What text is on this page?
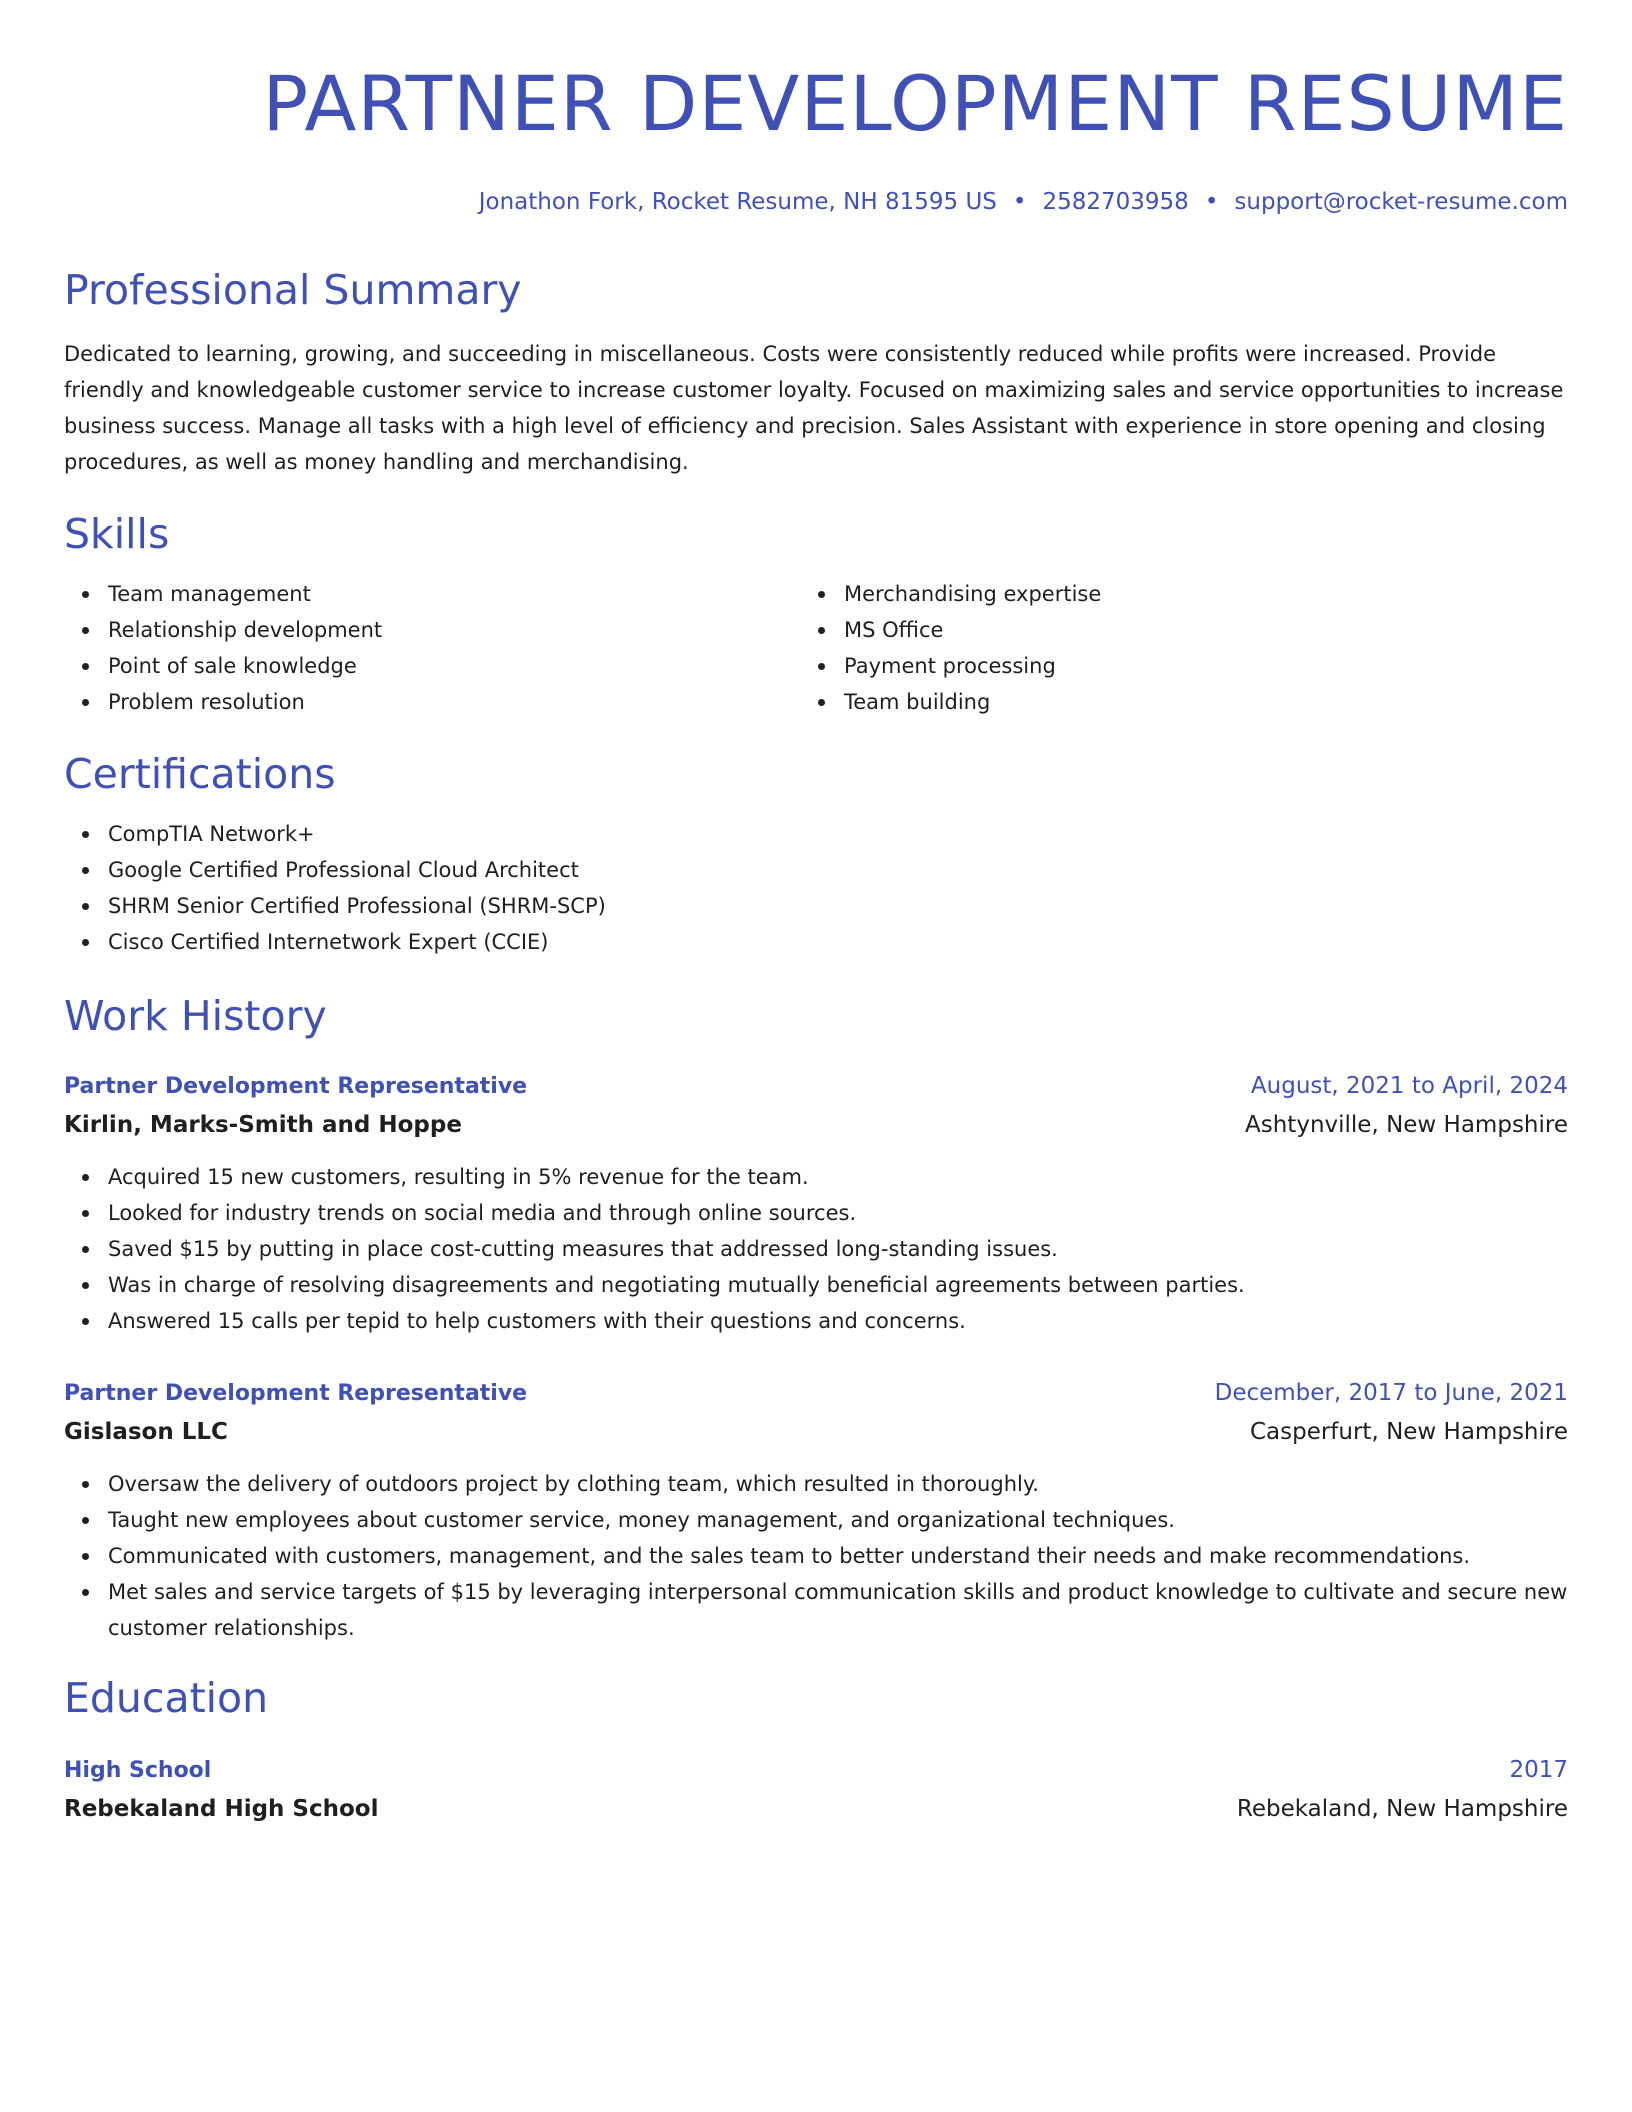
PARTNER DEVELOPMENT RESUME
Jonathon Fork, Rocket Resume, NH 81595 US • 2582703958 • support@rocket-resume.com
Professional Summary

Dedicated to learning, growing, and succeeding in miscellaneous. Costs were consistently reduced while profits were increased. Provide friendly and knowledgeable customer service to increase customer loyalty. Focused on maximizing sales and service opportunities to increase business success. Manage all tasks with a high level of efficiency and precision. Sales Assistant with experience in store opening and closing procedures, as well as money handling and merchandising.

Skills
Team management
Relationship development
Point of sale knowledge
Problem resolution
Merchandising expertise
MS Office
Payment processing
Team building
Certifications
CompTIA Network+
Google Certified Professional Cloud Architect
SHRM Senior Certified Professional (SHRM-SCP)
Cisco Certified Internetwork Expert (CCIE)
Work History
Partner Development Representative	August, 2021 to April, 2024
Kirlin, Marks-Smith and Hoppe	Ashtynville, New Hampshire
Acquired 15 new customers, resulting in 5% revenue for the team.
Looked for industry trends on social media and through online sources.
Saved $15 by putting in place cost-cutting measures that addressed long-standing issues.
Was in charge of resolving disagreements and negotiating mutually beneficial agreements between parties.
Answered 15 calls per tepid to help customers with their questions and concerns.
Partner Development Representative	December, 2017 to June, 2021
Gislason LLC	Casperfurt, New Hampshire
Oversaw the delivery of outdoors project by clothing team, which resulted in thoroughly.
Taught new employees about customer service, money management, and organizational techniques.
Communicated with customers, management, and the sales team to better understand their needs and make recommendations.
Met sales and service targets of $15 by leveraging interpersonal communication skills and product knowledge to cultivate and secure new customer relationships.
Education
High School	2017
Rebekaland High School	Rebekaland, New Hampshire
